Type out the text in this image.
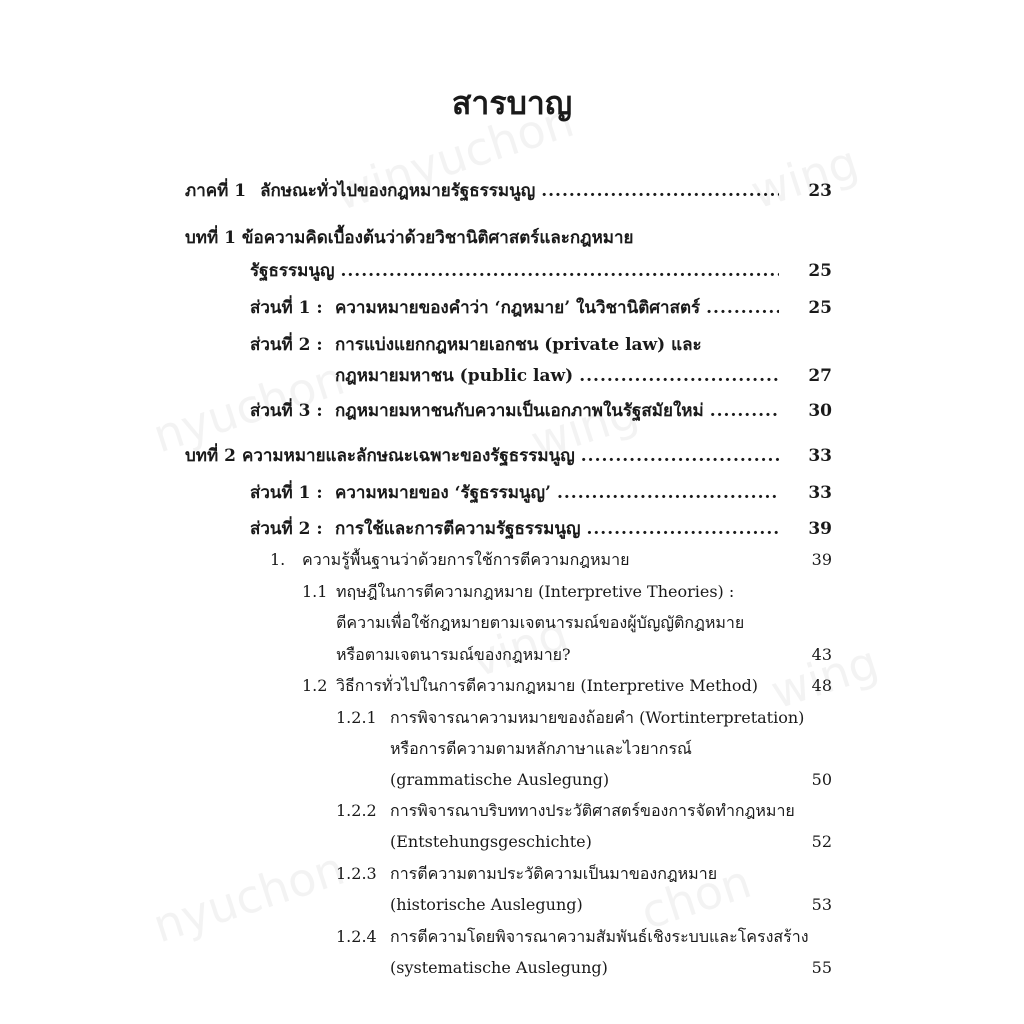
สารบาญ
ภาคที่ 1 ลักษณะทั่วไปของกฎหมายรัฐธรรมนูญ .....	23
บทที่ 1 ข้อความคิดเบื้องต้นว่าด้วยวิชานิติศาสตร์และกฎหมาย
รัฐธรรมนูญ .....	25
ส่วนที่ 1 : ความหมายของคำว่า ‘กฎหมาย’ ในวิชานิติศาสตร์ .....	25
ส่วนที่ 2 : การแบ่งแยกกฎหมายเอกชน (private law) และ
กฎหมายมหาชน (public law) .....	27
ส่วนที่ 3 : กฎหมายมหาชนกับความเป็นเอกภาพในรัฐสมัยใหม่ .....	30
บทที่ 2 ความหมายและลักษณะเฉพาะของรัฐธรรมนูญ .....	33
ส่วนที่ 1 : ความหมายของ ‘รัฐธรรมนูญ’ .....	33
ส่วนที่ 2 : การใช้และการตีความรัฐธรรมนูญ .....	39
1. ความรู้พื้นฐานว่าด้วยการใช้การตีความกฎหมาย	39
1.1 ทฤษฎีในการตีความกฎหมาย (Interpretive Theories) :
ตีความเพื่อใช้กฎหมายตามเจตนารมณ์ของผู้บัญญัติกฎหมาย
หรือตามเจตนารมณ์ของกฎหมาย?	43
1.2 วิธีการทั่วไปในการตีความกฎหมาย (Interpretive Method)	48
1.2.1 การพิจารณาความหมายของถ้อยคำ (Wortinterpretation)
หรือการตีความตามหลักภาษาและไวยากรณ์
(grammatische Auslegung)	50
1.2.2 การพิจารณาบริบททางประวัติศาสตร์ของการจัดทำกฎหมาย
(Entstehungsgeschichte)	52
1.2.3 การตีความตามประวัติความเป็นมาของกฎหมาย
(historische Auslegung)	53
1.2.4 การตีความโดยพิจารณาความสัมพันธ์เชิงระบบและโครงสร้าง
(systematische Auslegung)	55
